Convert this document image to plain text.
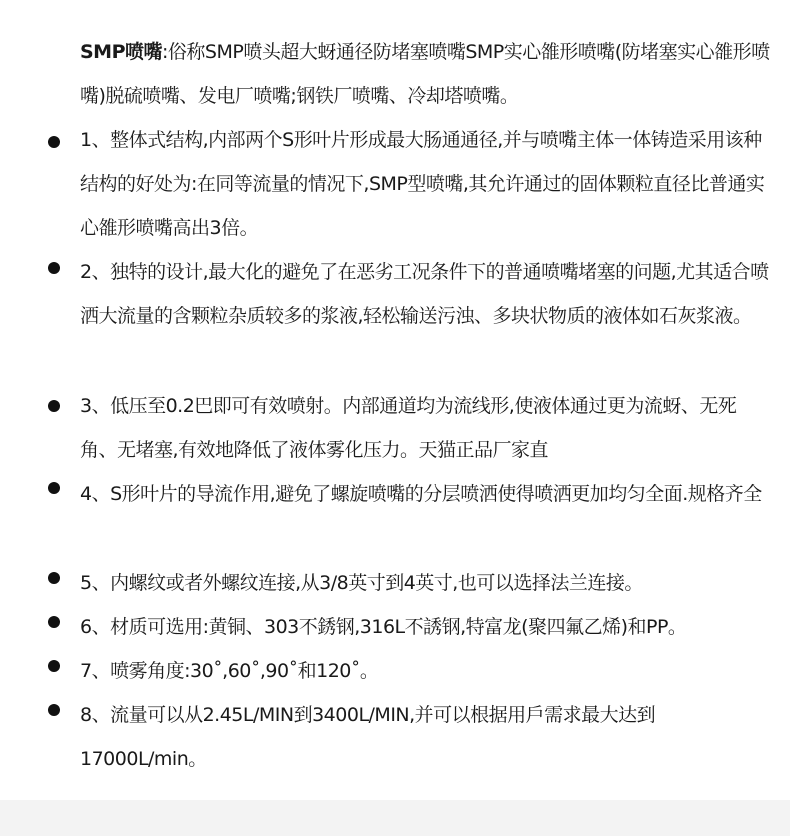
SMP喷嘴:俗称SMP喷头超大蚜通径防堵塞喷嘴SMP实心雒形喷嘴(防堵塞实心雒形喷嘴)脱硫喷嘴、发电厂喷嘴;钢铁厂喷嘴、冷却塔喷嘴。
1、整体式结构,内部两个S形叶片形成最大肠通通径,并与喷嘴主体一体铸造采用该种结构的好处为:在同等流量的情况下,SMP型喷嘴,其允许通过的固体颗粒直径比普通实心雒形喷嘴高出3倍。
2、独特的设计,最大化的避免了在恶劣工况条件下的普通喷嘴堵塞的问题,尤其适合喷洒大流量的含颗粒杂质较多的浆液,轻松输送污浊、多块状物质的液体如石灰浆液。
3、低压至0.2巴即可有效喷射。内部通道均为流线形,使液体通过更为流蚜、无死角、无堵塞,有效地降低了液体雾化压力。天猫正品厂家直
4、S形叶片的导流作用,避免了螺旋喷嘴的分层喷洒使得喷洒更加均匀全面.规格齐全
5、内螺纹或者外螺纹连接,从3/8英寸到4英寸,也可以选择法兰连接。
6、材质可选用:黄铜、303不銹钢,316L不誘钢,特富龙(聚四氟乙烯)和PP。
7、喷雾角度:30˚,60˚,90˚和120˚。
8、流量可以从2.45L/MIN到3400L/MIN,并可以根据用戶需求最大达到17000L/min。
